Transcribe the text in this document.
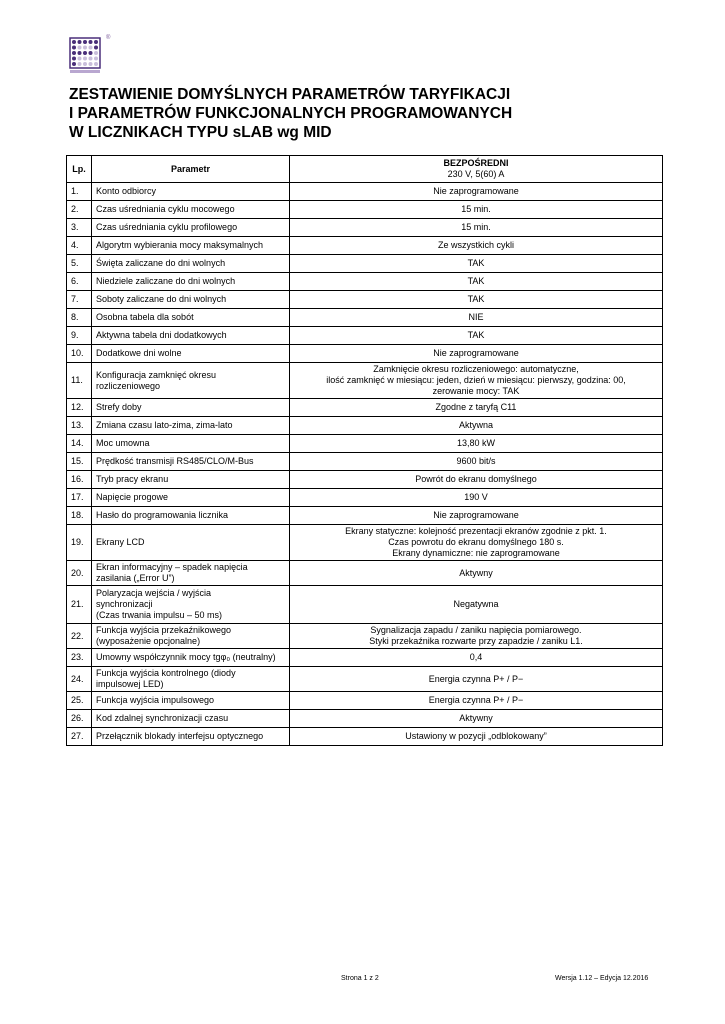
®
ZESTAWIENIE DOMYŚLNYCH PARAMETRÓW TARYFIKACJI
I PARAMETRÓW FUNKCJONALNYCH PROGRAMOWANYCH
W LICZNIKACH TYPU sLAB wg MID
Lp.	Parametr	BEZPOŚREDNI
230 V, 5(60) A

1.	Konto odbiorcy	Nie zaprogramowane
2.	Czas uśredniania cyklu mocowego	15 min.
3.	Czas uśredniania cyklu profilowego	15 min.
4.	Algorytm wybierania mocy maksymalnych	Ze wszystkich cykli
5.	Święta zaliczane do dni wolnych	TAK
6.	Niedziele zaliczane do dni wolnych	TAK
7.	Soboty zaliczane do dni wolnych	TAK
8.	Osobna tabela dla sobót	NIE
9.	Aktywna tabela dni dodatkowych	TAK
10.	Dodatkowe dni wolne	Nie zaprogramowane
11.	Konfiguracja zamknięć okresu
rozliczeniowego	Zamknięcie okresu rozliczeniowego: automatyczne,
ilość zamknięć w miesiącu: jeden, dzień w miesiącu: pierwszy, godzina: 00,
zerowanie mocy: TAK
12.	Strefy doby	Zgodne z taryfą C11
13.	Zmiana czasu lato-zima, zima-lato	Aktywna
14.	Moc umowna	13,80 kW
15.	Prędkość transmisji RS485/CLO/M-Bus	9600 bit/s
16.	Tryb pracy ekranu	Powrót do ekranu domyślnego
17.	Napięcie progowe	190 V
18.	Hasło do programowania licznika	Nie zaprogramowane
19.	Ekrany LCD	Ekrany statyczne: kolejność prezentacji ekranów zgodnie z pkt. 1.
Czas powrotu do ekranu domyślnego 180 s.
Ekrany dynamiczne: nie zaprogramowane
20.	Ekran informacyjny – spadek napięcia
zasilania („Error U”)	Aktywny
21.	Polaryzacja wejścia / wyjścia
synchronizacji
(Czas trwania impulsu – 50 ms)	Negatywna
22.	Funkcja wyjścia przekaźnikowego
(wyposażenie opcjonalne)	Sygnalizacja zapadu / zaniku napięcia pomiarowego.
Styki przekaźnika rozwarte przy zapadzie / zaniku L1.
23.	Umowny współczynnik mocy tgφ₀ (neutralny)	0,4
24.	Funkcja wyjścia kontrolnego (diody
impulsowej LED)	Energia czynna P+ / P−
25.	Funkcja wyjścia impulsowego	Energia czynna P+ / P−
26.	Kod zdalnej synchronizacji czasu	Aktywny
27.	Przełącznik blokady interfejsu optycznego	Ustawiony w pozycji „odblokowany”
Strona 1 z 2	Wersja 1.12 – Edycja 12.2016
